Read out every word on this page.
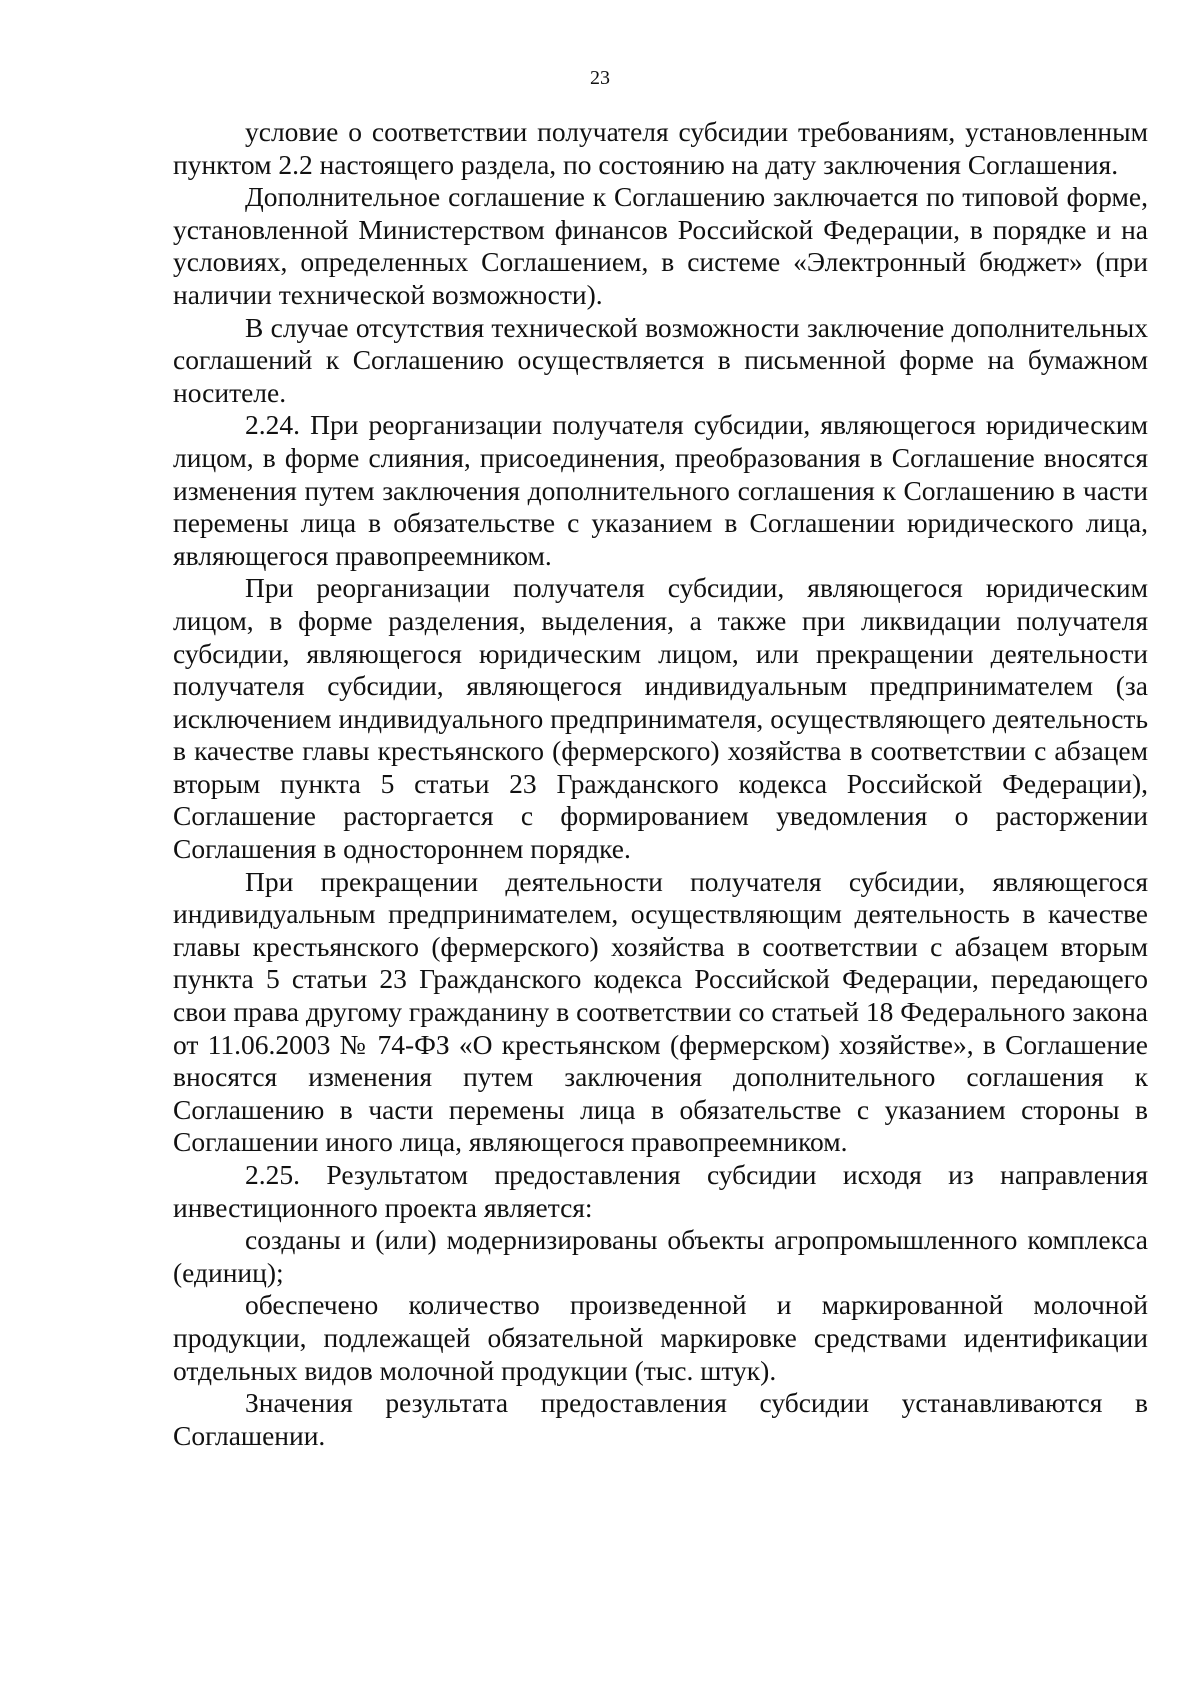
23

условие о соответствии получателя субсидии требованиям, установленным пунктом 2.2 настоящего раздела, по состоянию на дату заключения Соглашения.

Дополнительное соглашение к Соглашению заключается по типовой форме, установленной Министерством финансов Российской Федерации, в порядке и на условиях, определенных Соглашением, в системе «Электронный бюджет» (при наличии технической возможности).

В случае отсутствия технической возможности заключение дополнительных соглашений к Соглашению осуществляется в письменной форме на бумажном носителе.

2.24. При реорганизации получателя субсидии, являющегося юридическим лицом, в форме слияния, присоединения, преобразования в Соглашение вносятся изменения путем заключения дополнительного соглашения к Соглашению в части перемены лица в обязательстве с указанием в Соглашении юридического лица, являющегося правопреемником.

При реорганизации получателя субсидии, являющегося юридическим лицом, в форме разделения, выделения, а также при ликвидации получателя субсидии, являющегося юридическим лицом, или прекращении деятельности получателя субсидии, являющегося индивидуальным предпринимателем (за исключением индивидуального предпринимателя, осуществляющего деятельность в качестве главы крестьянского (фермерского) хозяйства в соответствии с абзацем вторым пункта 5 статьи 23 Гражданского кодекса Российской Федерации), Соглашение расторгается с формированием уведомления о расторжении Соглашения в одностороннем порядке.

При прекращении деятельности получателя субсидии, являющегося индивидуальным предпринимателем, осуществляющим деятельность в качестве главы крестьянского (фермерского) хозяйства в соответствии с абзацем вторым пункта 5 статьи 23 Гражданского кодекса Российской Федерации, передающего свои права другому гражданину в соответствии со статьей 18 Федерального закона от 11.06.2003 № 74-ФЗ «О крестьянском (фермерском) хозяйстве», в Соглашение вносятся изменения путем заключения дополнительного соглашения к Соглашению в части перемены лица в обязательстве с указанием стороны в Соглашении иного лица, являющегося правопреемником.

2.25. Результатом предоставления субсидии исходя из направления инвестиционного проекта является:

созданы и (или) модернизированы объекты агропромышленного комплекса (единиц);

обеспечено количество произведенной и маркированной молочной продукции, подлежащей обязательной маркировке средствами идентификации отдельных видов молочной продукции (тыс. штук).

Значения результата предоставления субсидии устанавливаются в Соглашении.
